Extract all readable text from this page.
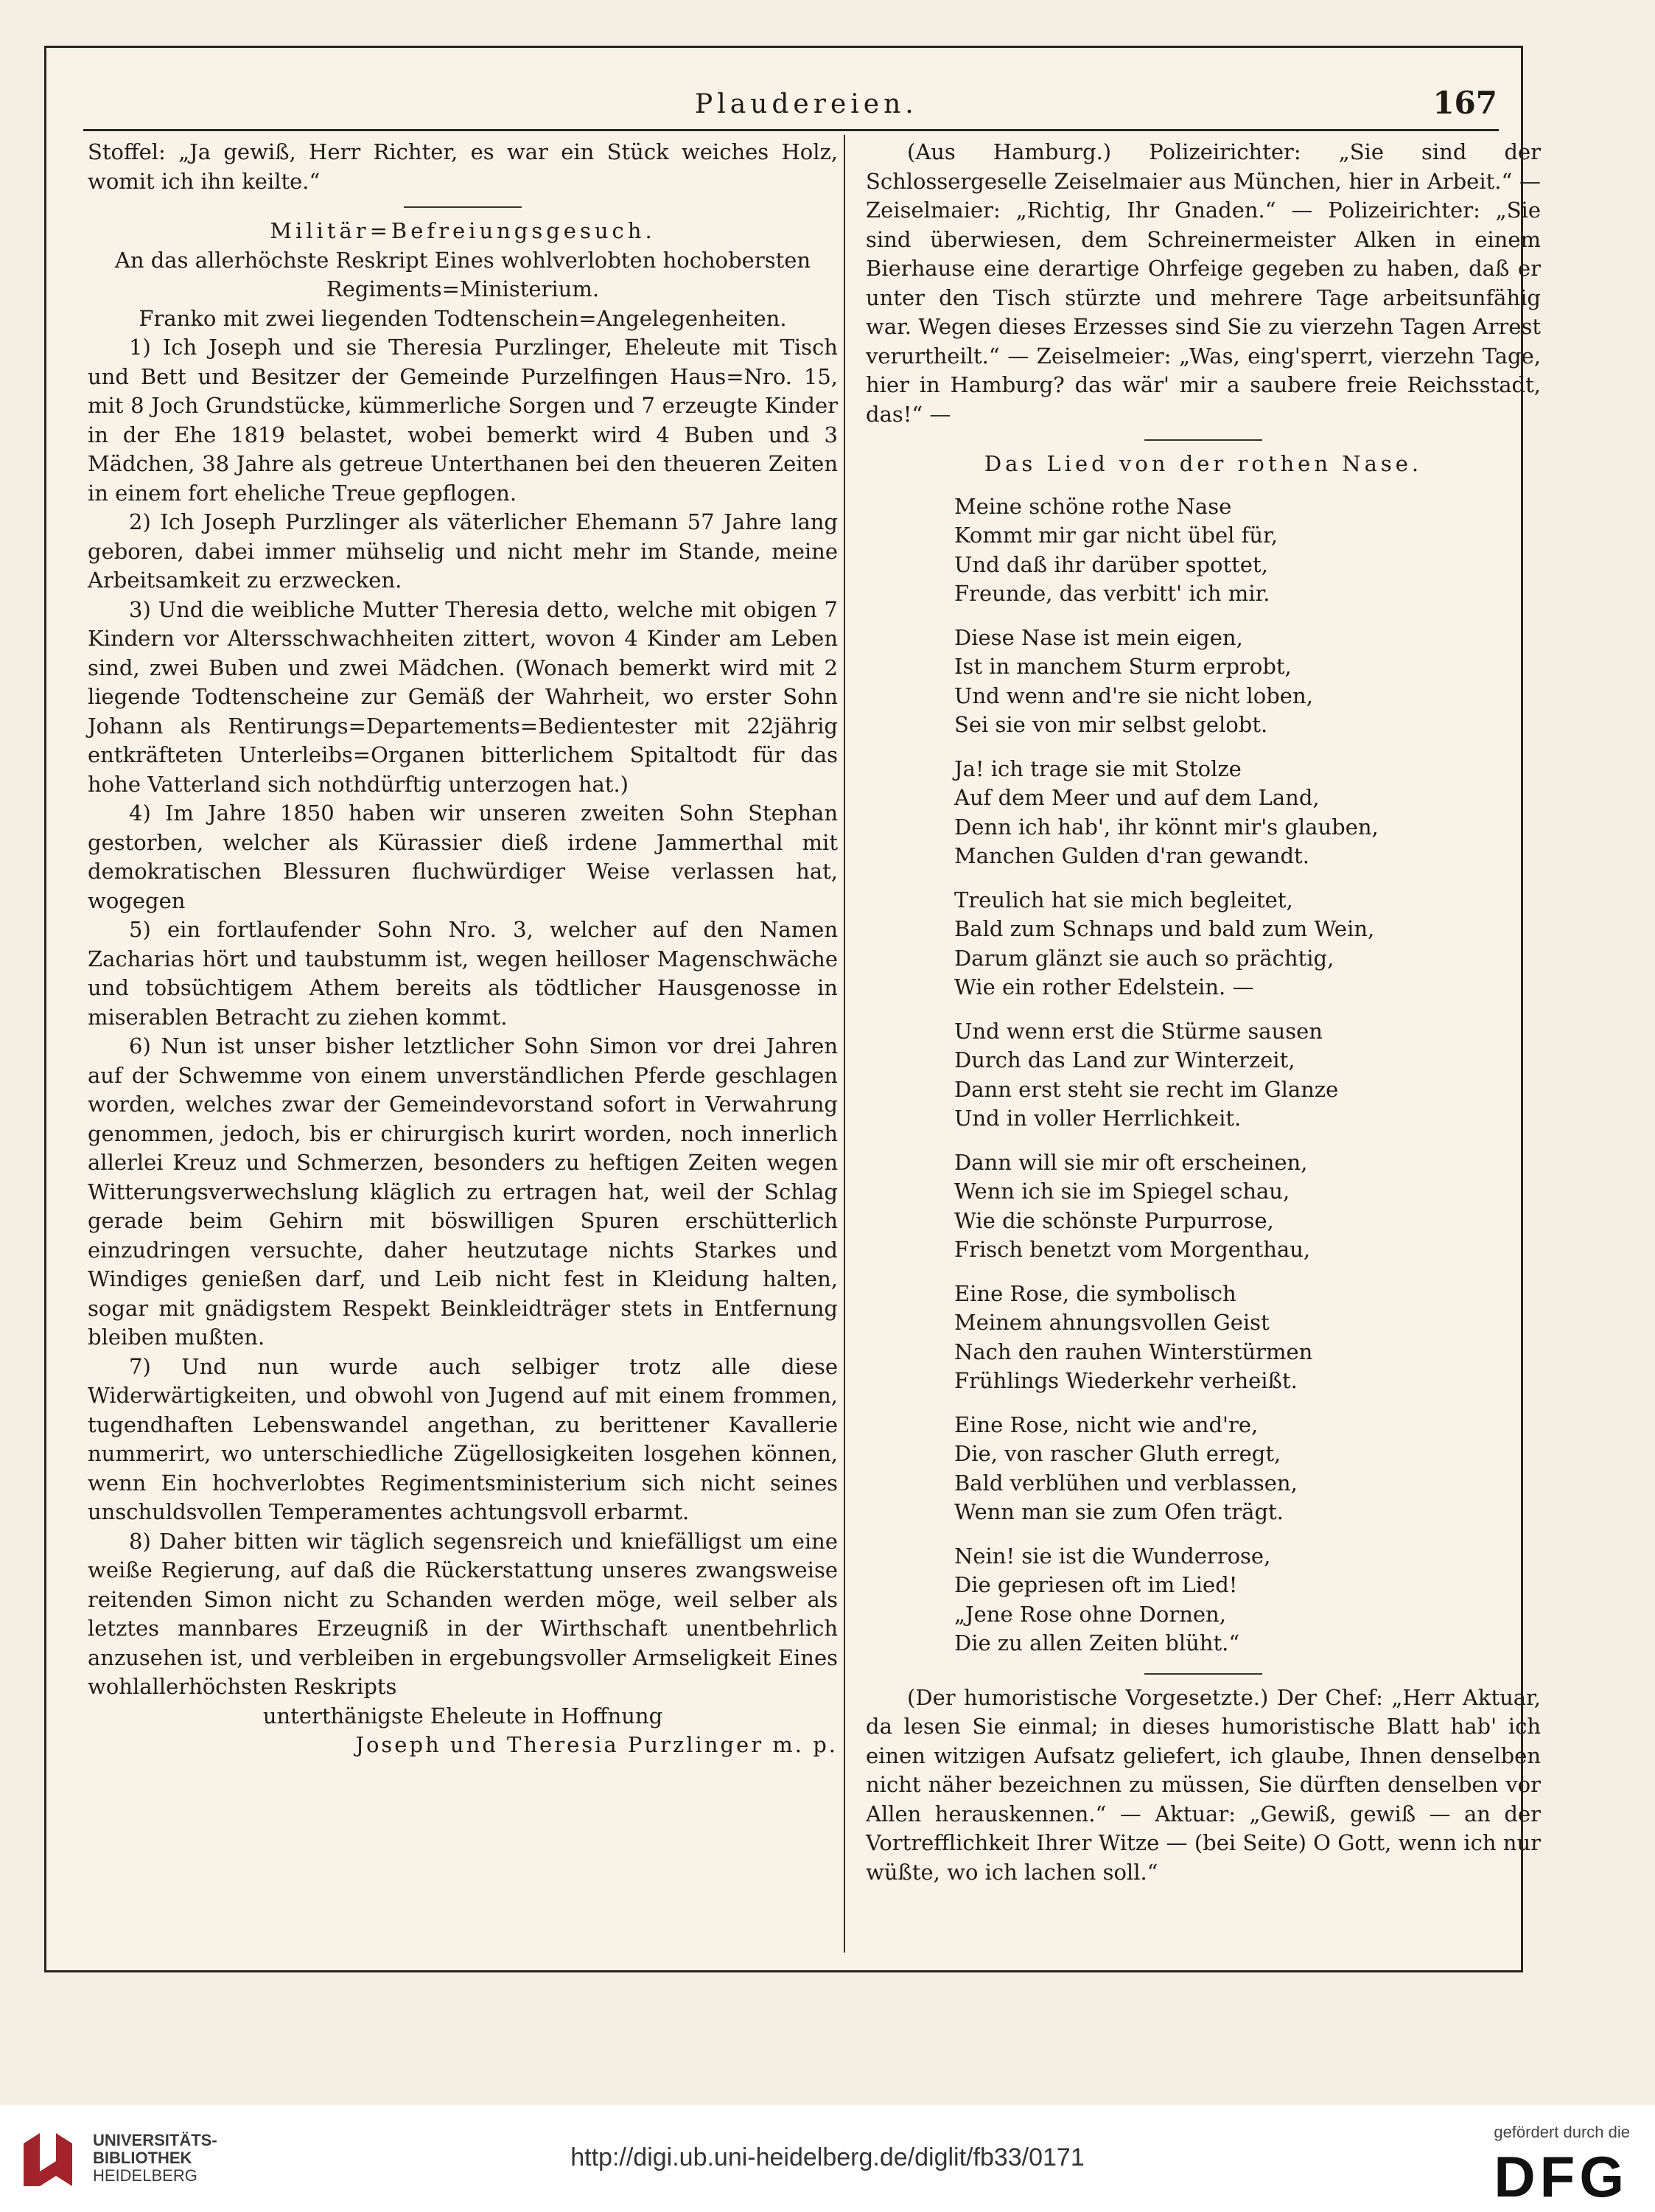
Plaudereien.	167

Stoffel: „Ja gewiß, Herr Richter, es war ein Stück weiches Holz, womit ich ihn keilte.“

Militär=Befreiungsgesuch.

An das allerhöchste Reskript Eines wohlverlobten hochobersten Regiments=Ministerium.

Franko mit zwei liegenden Todtenschein=Angelegenheiten.

1) Ich Joseph und sie Theresia Purzlinger, Eheleute mit Tisch und Bett und Besitzer der Gemeinde Purzelfingen Haus=Nro. 15, mit 8 Joch Grundstücke, kümmerliche Sorgen und 7 erzeugte Kinder in der Ehe 1819 belastet, wobei bemerkt wird 4 Buben und 3 Mädchen, 38 Jahre als getreue Unterthanen bei den theueren Zeiten in einem fort eheliche Treue gepflogen.

2) Ich Joseph Purzlinger als väterlicher Ehemann 57 Jahre lang geboren, dabei immer mühselig und nicht mehr im Stande, meine Arbeitsamkeit zu erzwecken.

3) Und die weibliche Mutter Theresia detto, welche mit obigen 7 Kindern vor Altersschwachheiten zittert, wovon 4 Kinder am Leben sind, zwei Buben und zwei Mädchen. (Wonach bemerkt wird mit 2 liegende Todtenscheine zur Gemäß der Wahrheit, wo erster Sohn Johann als Rentirungs=Departements=Bedientester mit 22jährig entkräfteten Unterleibs=Organen bitterlichem Spitaltodt für das hohe Vatterland sich nothdürftig unterzogen hat.)

4) Im Jahre 1850 haben wir unseren zweiten Sohn Stephan gestorben, welcher als Kürassier dieß irdene Jammerthal mit demokratischen Blessuren fluchwürdiger Weise verlassen hat, wogegen

5) ein fortlaufender Sohn Nro. 3, welcher auf den Namen Zacharias hört und taubstumm ist, wegen heilloser Magenschwäche und tobsüchtigem Athem bereits als tödtlicher Hausgenosse in miserablen Betracht zu ziehen kommt.

6) Nun ist unser bisher letztlicher Sohn Simon vor drei Jahren auf der Schwemme von einem unverständlichen Pferde geschlagen worden, welches zwar der Gemeindevorstand sofort in Verwahrung genommen, jedoch, bis er chirurgisch kurirt worden, noch innerlich allerlei Kreuz und Schmerzen, besonders zu heftigen Zeiten wegen Witterungsverwechslung kläglich zu ertragen hat, weil der Schlag gerade beim Gehirn mit böswilligen Spuren erschütterlich einzudringen versuchte, daher heutzutage nichts Starkes und Windiges genießen darf, und Leib nicht fest in Kleidung halten, sogar mit gnädigstem Respekt Beinkleidträger stets in Entfernung bleiben mußten.

7) Und nun wurde auch selbiger trotz alle diese Widerwärtigkeiten, und obwohl von Jugend auf mit einem frommen, tugendhaften Lebenswandel angethan, zu berittener Kavallerie nummerirt, wo unterschiedliche Zügellosigkeiten losgehen können, wenn Ein hochverlobtes Regimentsministerium sich nicht seines unschuldsvollen Temperamentes achtungsvoll erbarmt.

8) Daher bitten wir täglich segensreich und kniefälligst um eine weiße Regierung, auf daß die Rückerstattung unseres zwangsweise reitenden Simon nicht zu Schanden werden möge, weil selber als letztes mannbares Erzeugniß in der Wirthschaft unentbehrlich anzusehen ist, und verbleiben in ergebungsvoller Armseligkeit Eines wohlallerhöchsten Reskripts

unterthänigste Eheleute in Hoffnung

Joseph und Theresia Purzlinger m. p.

(Aus Hamburg.) Polizeirichter: „Sie sind der Schlossergeselle Zeiselmaier aus München, hier in Arbeit.“ — Zeiselmaier: „Richtig, Ihr Gnaden.“ — Polizeirichter: „Sie sind überwiesen, dem Schreinermeister Alken in einem Bierhause eine derartige Ohrfeige gegeben zu haben, daß er unter den Tisch stürzte und mehrere Tage arbeitsunfähig war. Wegen dieses Erzesses sind Sie zu vierzehn Tagen Arrest verurtheilt.“ — Zeiselmeier: „Was, eing'sperrt, vierzehn Tage, hier in Hamburg? das wär' mir a saubere freie Reichsstadt, das!“ —

Das Lied von der rothen Nase.

Meine schöne rothe Nase
Kommt mir gar nicht übel für,
Und daß ihr darüber spottet,
Freunde, das verbitt' ich mir.
Diese Nase ist mein eigen,
Ist in manchem Sturm erprobt,
Und wenn and're sie nicht loben,
Sei sie von mir selbst gelobt.
Ja! ich trage sie mit Stolze
Auf dem Meer und auf dem Land,
Denn ich hab', ihr könnt mir's glauben,
Manchen Gulden d'ran gewandt.
Treulich hat sie mich begleitet,
Bald zum Schnaps und bald zum Wein,
Darum glänzt sie auch so prächtig,
Wie ein rother Edelstein. —
Und wenn erst die Stürme sausen
Durch das Land zur Winterzeit,
Dann erst steht sie recht im Glanze
Und in voller Herrlichkeit.
Dann will sie mir oft erscheinen,
Wenn ich sie im Spiegel schau,
Wie die schönste Purpurrose,
Frisch benetzt vom Morgenthau,
Eine Rose, die symbolisch
Meinem ahnungsvollen Geist
Nach den rauhen Winterstürmen
Frühlings Wiederkehr verheißt.
Eine Rose, nicht wie and're,
Die, von rascher Gluth erregt,
Bald verblühen und verblassen,
Wenn man sie zum Ofen trägt.
Nein! sie ist die Wunderrose,
Die gepriesen oft im Lied!
„Jene Rose ohne Dornen,
Die zu allen Zeiten blüht.“

(Der humoristische Vorgesetzte.) Der Chef: „Herr Aktuar, da lesen Sie einmal; in dieses humoristische Blatt hab' ich einen witzigen Aufsatz geliefert, ich glaube, Ihnen denselben nicht näher bezeichnen zu müssen, Sie dürften denselben vor Allen herauskennen.“ — Aktuar: „Gewiß, gewiß — an der Vortrefflichkeit Ihrer Witze — (bei Seite) O Gott, wenn ich nur wüßte, wo ich lachen soll.“

UNIVERSITÄTS-
BIBLIOTHEK
HEIDELBERG
http://digi.ub.uni-heidelberg.de/diglit/fb33/0171
gefördert durch die
DFG
